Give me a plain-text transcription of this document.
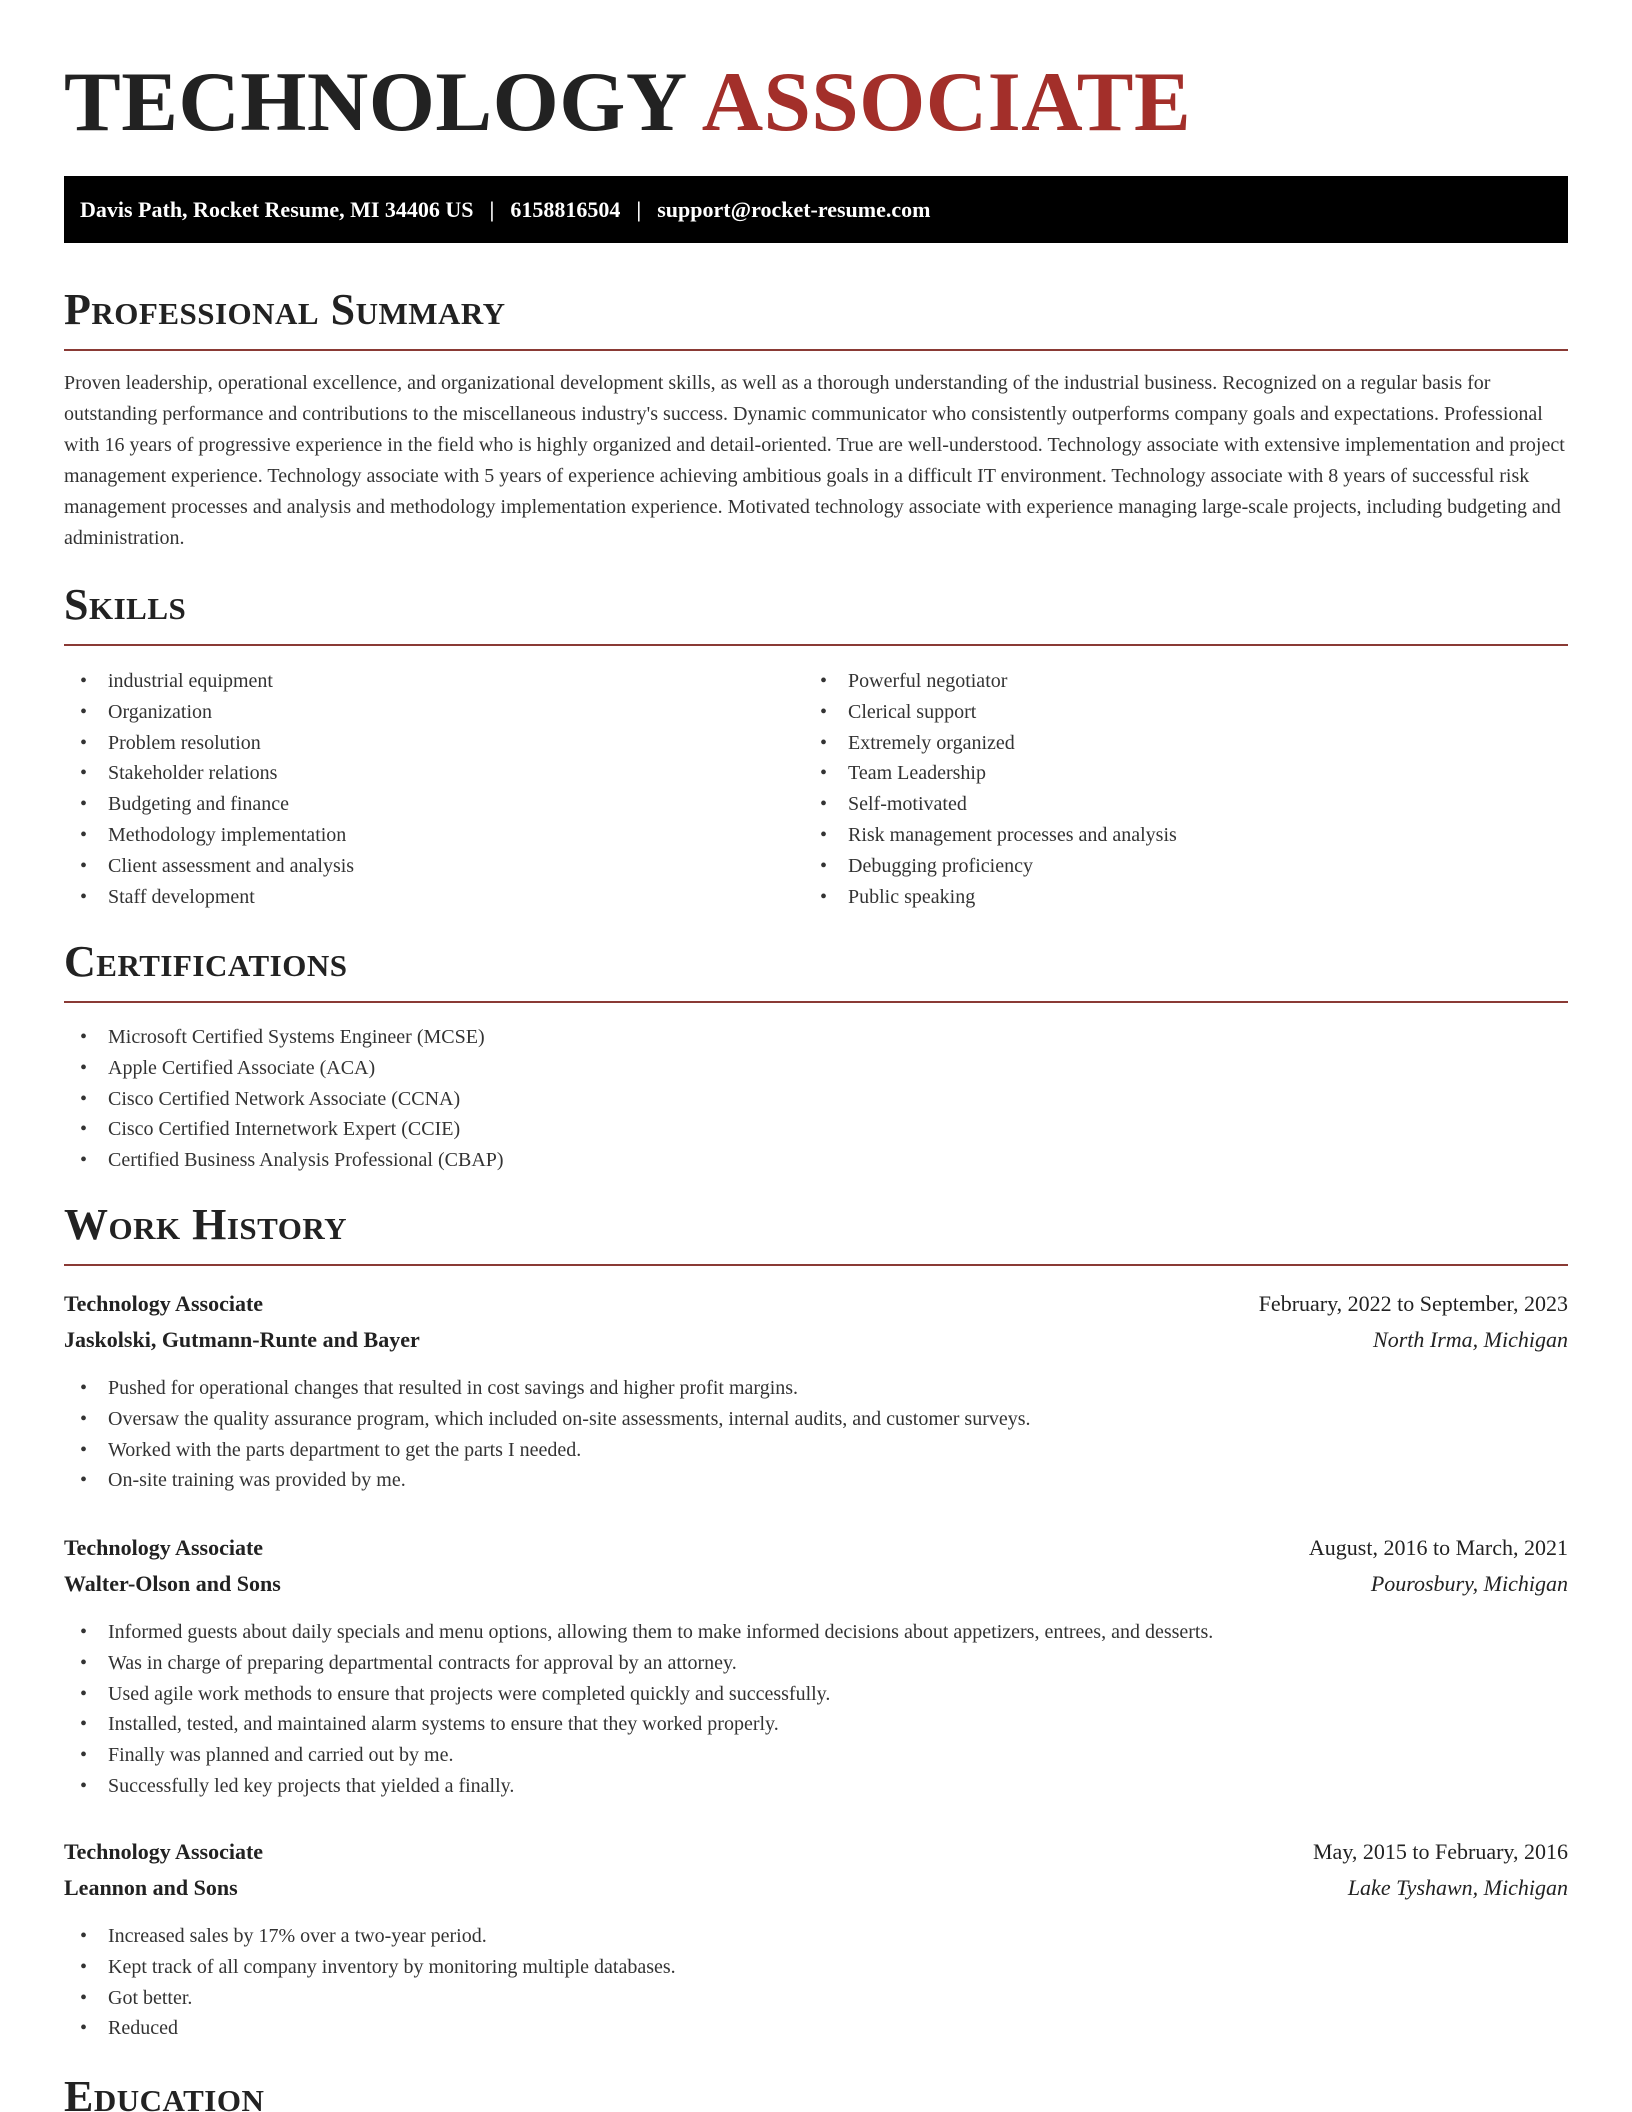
TECHNOLOGY ASSOCIATE
Davis Path, Rocket Resume, MI 34406 US | 6158816504 | support@rocket-resume.com
Professional Summary

Proven leadership, operational excellence, and organizational development skills, as well as a thorough understanding of the industrial business. Recognized on a regular basis for outstanding performance and contributions to the miscellaneous industry's success. Dynamic communicator who consistently outperforms company goals and expectations. Professional with 16 years of progressive experience in the field who is highly organized and detail-oriented. True are well-understood. Technology associate with extensive implementation and project management experience. Technology associate with 5 years of experience achieving ambitious goals in a difficult IT environment. Technology associate with 8 years of successful risk management processes and analysis and methodology implementation experience. Motivated technology associate with experience managing large-scale projects, including budgeting and administration.

Skills
• industrial equipment
• Organization
• Problem resolution
• Stakeholder relations
• Budgeting and finance
• Methodology implementation
• Client assessment and analysis
• Staff development
• Powerful negotiator
• Clerical support
• Extremely organized
• Team Leadership
• Self-motivated
• Risk management processes and analysis
• Debugging proficiency
• Public speaking
Certifications
• Microsoft Certified Systems Engineer (MCSE)
• Apple Certified Associate (ACA)
• Cisco Certified Network Associate (CCNA)
• Cisco Certified Internetwork Expert (CCIE)
• Certified Business Analysis Professional (CBAP)
Work History
Technology Associate	February, 2022 to September, 2023
Jaskolski, Gutmann-Runte and Bayer	North Irma, Michigan
• Pushed for operational changes that resulted in cost savings and higher profit margins.
• Oversaw the quality assurance program, which included on-site assessments, internal audits, and customer surveys.
• Worked with the parts department to get the parts I needed.
• On-site training was provided by me.
Technology Associate	August, 2016 to March, 2021
Walter-Olson and Sons	Pourosbury, Michigan
• Informed guests about daily specials and menu options, allowing them to make informed decisions about appetizers, entrees, and desserts.
• Was in charge of preparing departmental contracts for approval by an attorney.
• Used agile work methods to ensure that projects were completed quickly and successfully.
• Installed, tested, and maintained alarm systems to ensure that they worked properly.
• Finally was planned and carried out by me.
• Successfully led key projects that yielded a finally.
Technology Associate	May, 2015 to February, 2016
Leannon and Sons	Lake Tyshawn, Michigan
• Increased sales by 17% over a two-year period.
• Kept track of all company inventory by monitoring multiple databases.
• Got better.
• Reduced
Education
